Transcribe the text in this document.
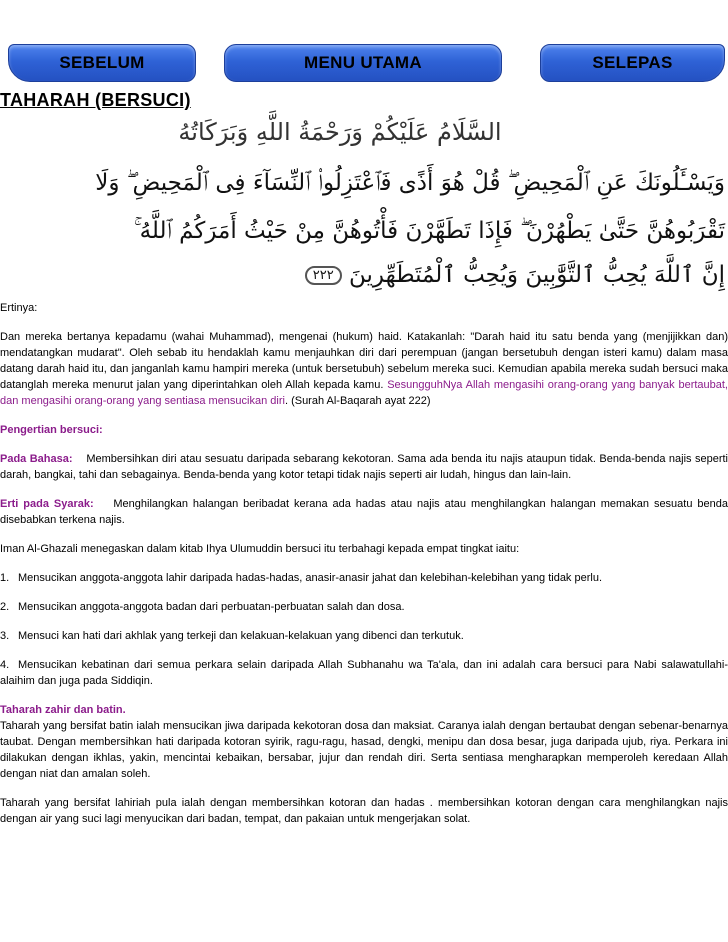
SEBELUM	MENU UTAMA	SELEPAS
TAHARAH (BERSUCI)
السَّلَامُ عَلَيْكُمْ وَرَحْمَةُ اللَّهِ وَبَرَكَاتُهُ
وَيَسْـَٔلُونَكَ عَنِ ٱلْمَحِيضِ ۖ قُلْ هُوَ أَذًى فَٱعْتَزِلُوا۟ ٱلنِّسَآءَ فِى ٱلْمَحِيضِ ۖ وَلَا
تَقْرَبُوهُنَّ حَتَّىٰ يَطْهُرْنَ ۖ فَإِذَا تَطَهَّرْنَ فَأْتُوهُنَّ مِنْ حَيْثُ أَمَرَكُمُ ٱللَّهُ ۚ
إِنَّ ٱللَّهَ يُحِبُّ ٱلتَّوَّٰبِينَ وَيُحِبُّ ٱلْمُتَطَهِّرِينَ ٢٢٢
Ertinya:
Dan mereka bertanya kepadamu (wahai Muhammad), mengenai (hukum) haid. Katakanlah: "Darah haid itu satu benda yang (menjijikkan dan) mendatangkan mudarat". Oleh sebab itu hendaklah kamu menjauhkan diri dari perempuan (jangan bersetubuh dengan isteri kamu) dalam masa datang darah haid itu, dan janganlah kamu hampiri mereka (untuk bersetubuh) sebelum mereka suci. Kemudian apabila mereka sudah bersuci maka datanglah mereka menurut jalan yang diperintahkan oleh Allah kepada kamu. SesungguhNya Allah mengasihi orang-orang yang banyak bertaubat, dan mengasihi orang-orang yang sentiasa mensucikan diri. (Surah Al-Baqarah ayat 222)
Pengertian bersuci:
Pada Bahasa: Membersihkan diri atau sesuatu daripada sebarang kekotoran. Sama ada benda itu najis ataupun tidak. Benda-benda najis seperti darah, bangkai, tahi dan sebagainya. Benda-benda yang kotor tetapi tidak najis seperti air ludah, hingus dan lain-lain.
Erti pada Syarak: Menghilangkan halangan beribadat kerana ada hadas atau najis atau menghilangkan halangan memakan sesuatu benda disebabkan terkena najis.
Iman Al-Ghazali menegaskan dalam kitab Ihya Ulumuddin bersuci itu terbahagi kepada empat tingkat iaitu:
1. Mensucikan anggota-anggota lahir daripada hadas-hadas, anasir-anasir jahat dan kelebihan-kelebihan yang tidak perlu.
2. Mensucikan anggota-anggota badan dari perbuatan-perbuatan salah dan dosa.
3. Mensuci kan hati dari akhlak yang terkeji dan kelakuan-kelakuan yang dibenci dan terkutuk.
4. Mensucikan kebatinan dari semua perkara selain daripada Allah Subhanahu wa Ta'ala, dan ini adalah cara bersuci para Nabi salawatullahi-alaihim dan juga pada Siddiqin.
Taharah zahir dan batin.
Taharah yang bersifat batin ialah mensucikan jiwa daripada kekotoran dosa dan maksiat. Caranya ialah dengan bertaubat dengan sebenar-benarnya taubat. Dengan membersihkan hati daripada kotoran syirik, ragu-ragu, hasad, dengki, menipu dan dosa besar, juga daripada ujub, riya. Perkara ini dilakukan dengan ikhlas, yakin, mencintai kebaikan, bersabar, jujur dan rendah diri. Serta sentiasa mengharapkan memperoleh keredaan Allah dengan niat dan amalan soleh.
Taharah yang bersifat lahiriah pula ialah dengan membersihkan kotoran dan hadas . membersihkan kotoran dengan cara menghilangkan najis dengan air yang suci lagi menyucikan dari badan, tempat, dan pakaian untuk mengerjakan solat.
